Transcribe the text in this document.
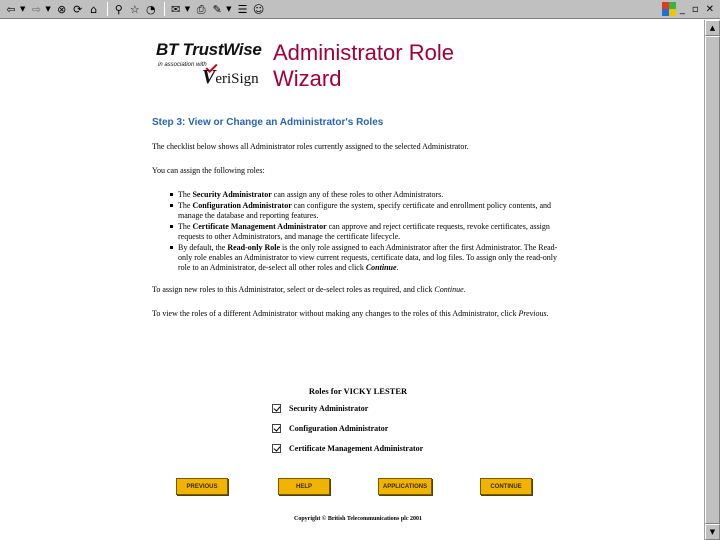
⇦ ▼ ⇨ ▼ ⊗ ⟳ ⌂	⚲ ☆ ◔ ✉ ▼ ⎙ ✎ ▼ ☰ ☺	_ ▫ ✕
▲
▼
BT TrustWise
in association with
VeriSign
Administrator Role
Wizard
Step 3: View or Change an Administrator's Roles

The checklist below shows all Administrator roles currently assigned to the selected Administrator.

You can assign the following roles:

The Security Administrator can assign any of these roles to other Administrators.
The Configuration Administrator can configure the system, specify certificate and enrollment policy contents, and manage the database and reporting features.
The Certificate Management Administrator can approve and reject certificate requests, revoke certificates, assign requests to other Administrators, and manage the certificate lifecycle.
By default, the Read-only Role is the only role assigned to each Administrator after the first Administrator. The Read-only role enables an Administrator to view current requests, certificate data, and log files. To assign only the read-only role to an Administrator, de-select all other roles and click Continue.

To assign new roles to this Administrator, select or de-select roles as required, and click Continue.

To view the roles of a different Administrator without making any changes to the roles of this Administrator, click Previous.

Roles for VICKY LESTER
Security Administrator
Configuration Administrator
Certificate Management Administrator
PREVIOUS	HELP	APPLICATIONS	CONTINUE
Copyright © British Telecommunications plc 2001
